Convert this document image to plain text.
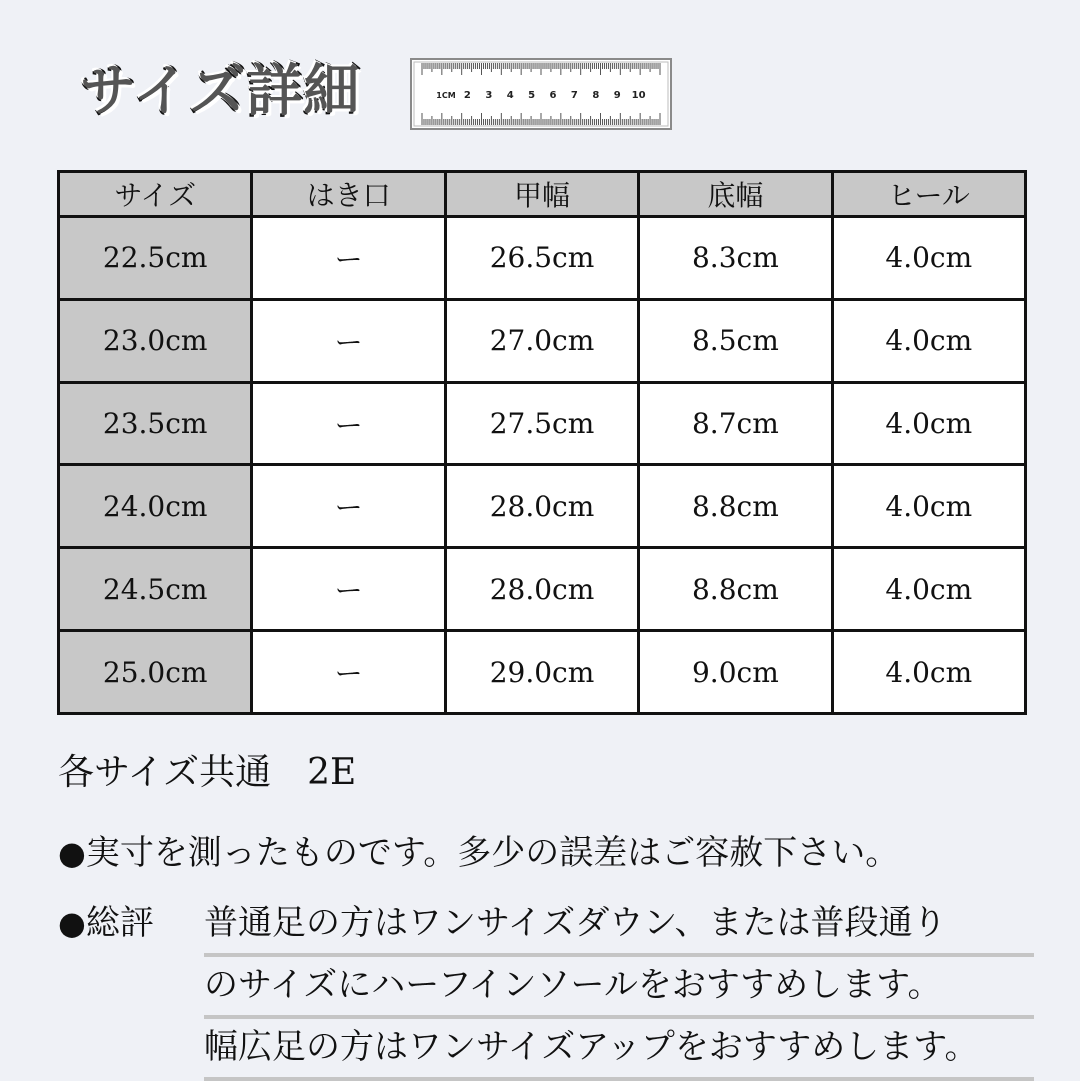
サイズ詳細	1CM 2 3 4 5 6 7 8 9 10
サイズ	はき口	甲幅	底幅	ヒール
22.5cm	ー	26.5cm	8.3cm	4.0cm
23.0cm	ー	27.0cm	8.5cm	4.0cm
23.5cm	ー	27.5cm	8.7cm	4.0cm
24.0cm	ー	28.0cm	8.8cm	4.0cm
24.5cm	ー	28.0cm	8.8cm	4.0cm
25.0cm	ー	29.0cm	9.0cm	4.0cm
各サイズ共通　2E
●実寸を測ったものです。多少の誤差はご容赦下さい。
●総評 普通足の方はワンサイズダウン、または普段通り
のサイズにハーフインソールをおすすめします。
幅広足の方はワンサイズアップをおすすめします。
